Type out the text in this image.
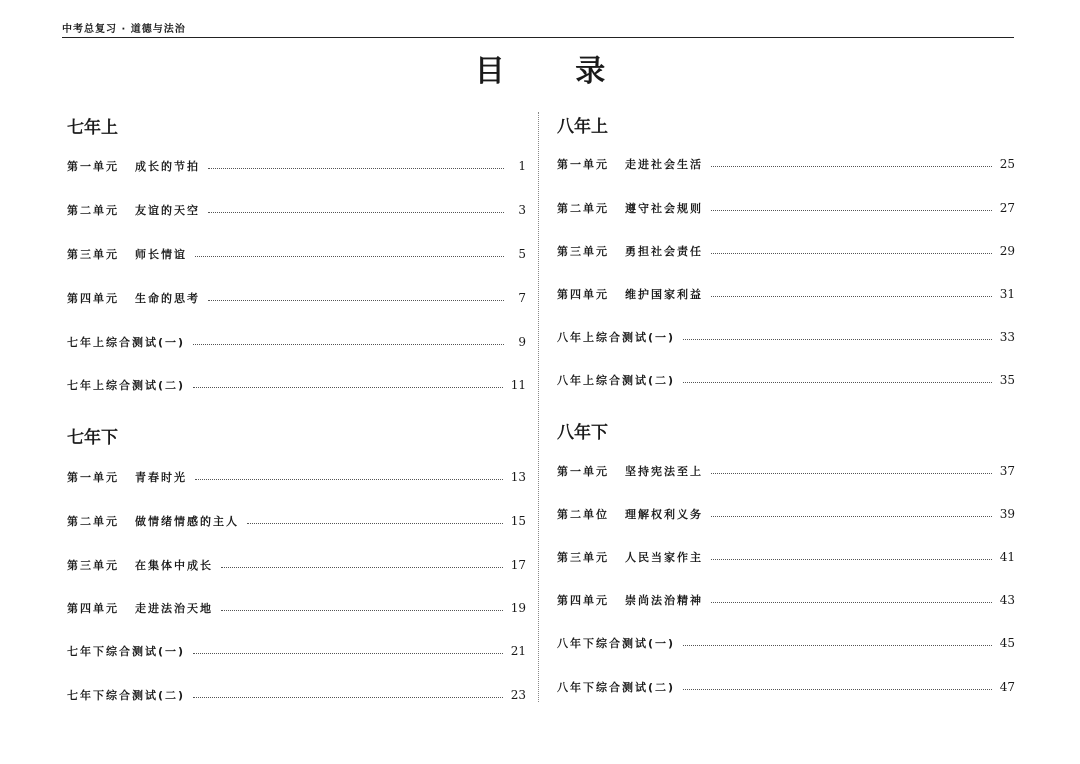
中考总复习 · 道德与法治
目 录
七年上
第一单元 成长的节拍	1
第二单元 友谊的天空	3
第三单元 师长情谊	5
第四单元 生命的思考	7
七年上综合测试(一)	9
七年上综合测试(二)	11
七年下
第一单元 青春时光	13
第二单元 做情绪情感的主人	15
第三单元 在集体中成长	17
第四单元 走进法治天地	19
七年下综合测试(一)	21
七年下综合测试(二)	23
八年上
第一单元 走进社会生活	25
第二单元 遵守社会规则	27
第三单元 勇担社会责任	29
第四单元 维护国家利益	31
八年上综合测试(一)	33
八年上综合测试(二)	35
八年下
第一单元 坚持宪法至上	37
第二单位 理解权利义务	39
第三单元 人民当家作主	41
第四单元 崇尚法治精神	43
八年下综合测试(一)	45
八年下综合测试(二)	47
